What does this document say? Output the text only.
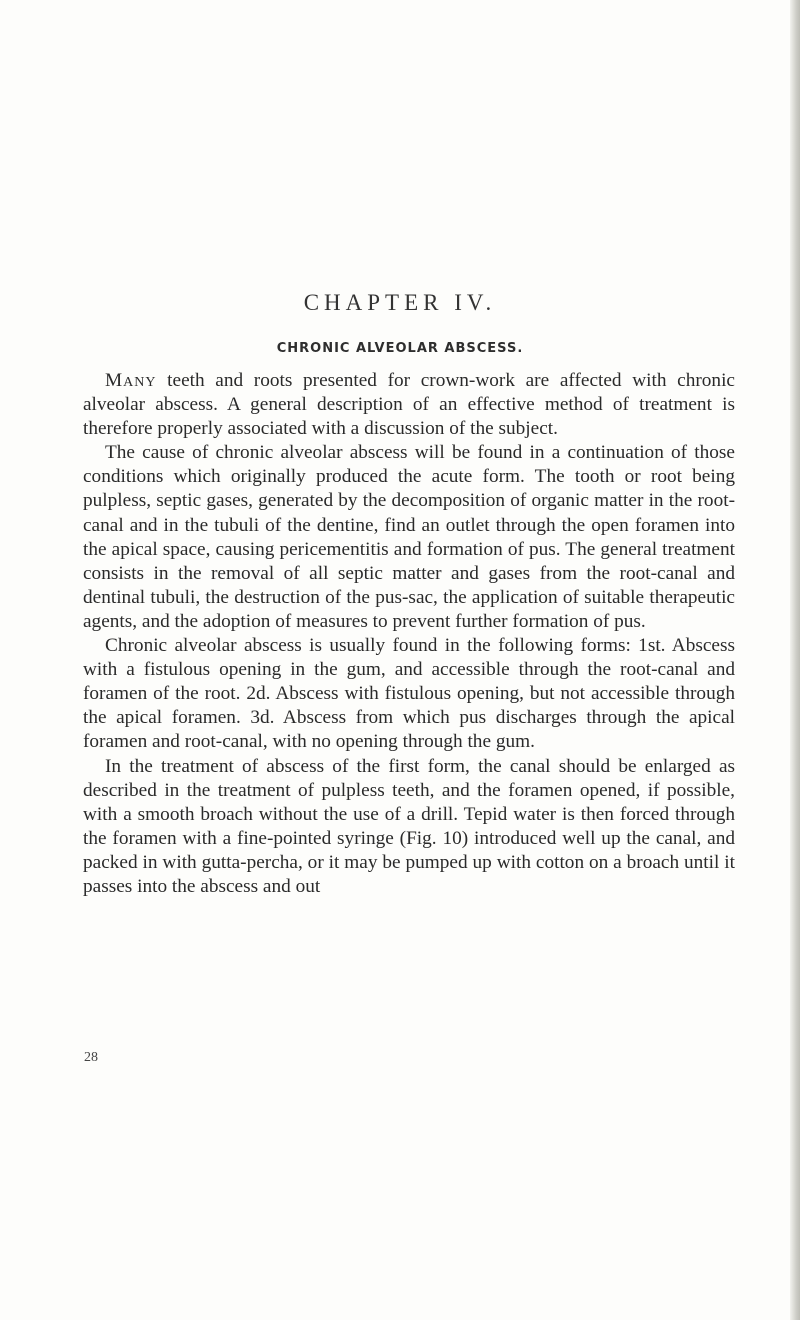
CHAPTER IV.
CHRONIC ALVEOLAR ABSCESS.

Many teeth and roots presented for crown-work are affected with chronic alveolar abscess. A general description of an effective method of treatment is therefore properly associated with a discussion of the subject.

The cause of chronic alveolar abscess will be found in a continuation of those conditions which originally produced the acute form. The tooth or root being pulpless, septic gases, generated by the decomposition of organic matter in the root-canal and in the tubuli of the dentine, find an outlet through the open foramen into the apical space, causing pericementitis and formation of pus. The general treatment consists in the removal of all septic matter and gases from the root-canal and dentinal tubuli, the destruction of the pus-sac, the application of suitable therapeutic agents, and the adoption of measures to prevent further formation of pus.

Chronic alveolar abscess is usually found in the following forms: 1st. Abscess with a fistulous opening in the gum, and accessible through the root-canal and foramen of the root. 2d. Abscess with fistulous opening, but not accessible through the apical foramen. 3d. Abscess from which pus discharges through the apical foramen and root-canal, with no opening through the gum.

In the treatment of abscess of the first form, the canal should be enlarged as described in the treatment of pulpless teeth, and the foramen opened, if possible, with a smooth broach without the use of a drill. Tepid water is then forced through the foramen with a fine-pointed syringe (Fig. 10) introduced well up the canal, and packed in with gutta-percha, or it may be pumped up with cotton on a broach until it passes into the abscess and out

28
